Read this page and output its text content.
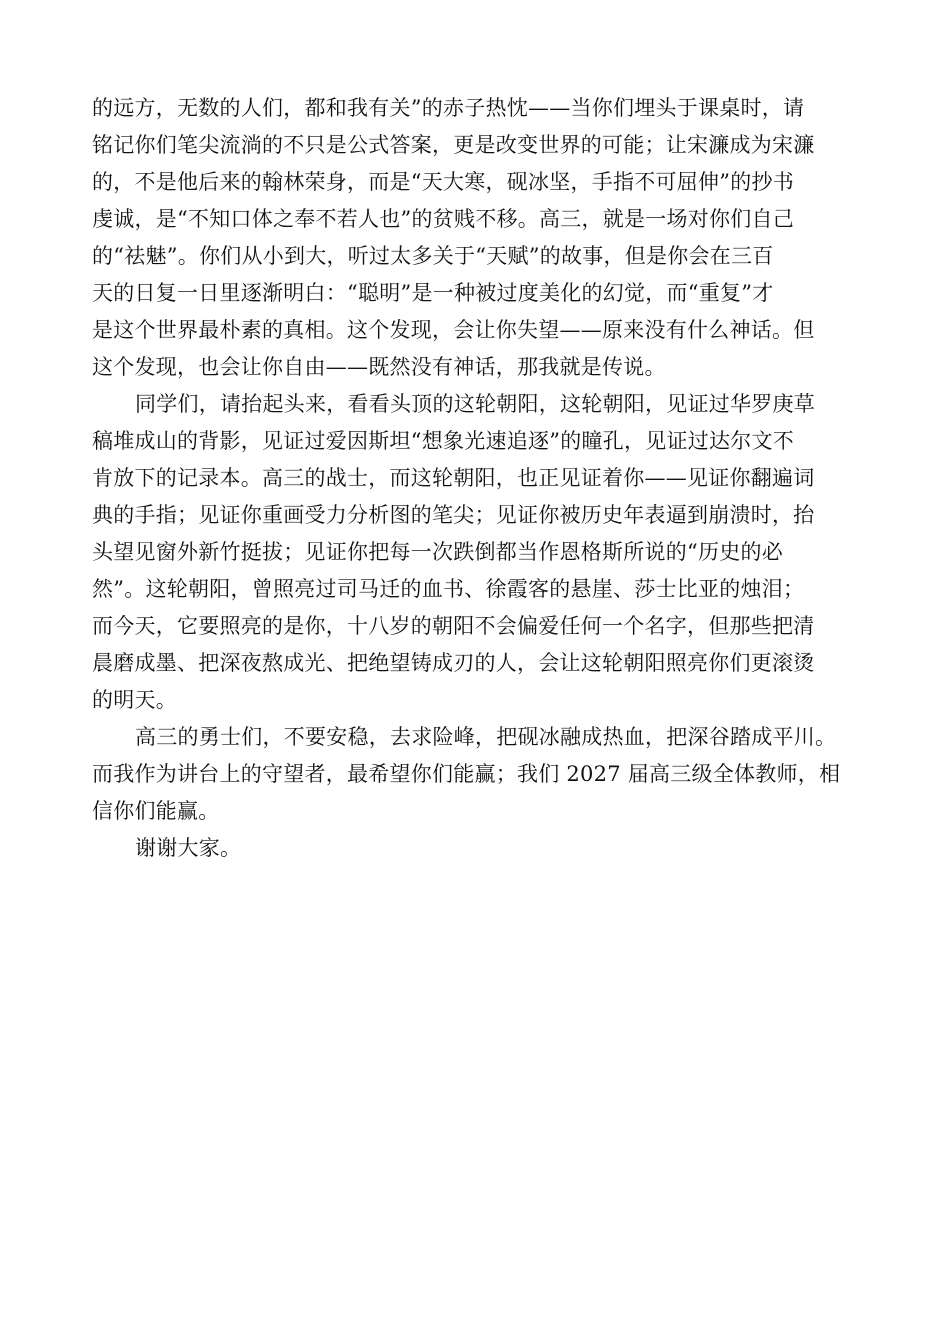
的远方，无数的人们，都和我有关”的赤子热忱——当你们埋头于课桌时，请
铭记你们笔尖流淌的不只是公式答案，更是改变世界的可能；让宋濂成为宋濂
的，不是他后来的翰林荣身，而是“天大寒，砚冰坚，手指不可屈伸”的抄书
虔诚，是“不知口体之奉不若人也”的贫贱不移。高三，就是一场对你们自己
的“祛魅”。你们从小到大，听过太多关于“天赋”的故事，但是你会在三百
天的日复一日里逐渐明白：“聪明”是一种被过度美化的幻觉，而“重复”才
是这个世界最朴素的真相。这个发现，会让你失望——原来没有什么神话。但
这个发现，也会让你自由——既然没有神话，那我就是传说。
同学们，请抬起头来，看看头顶的这轮朝阳，这轮朝阳，见证过华罗庚草
稿堆成山的背影，见证过爱因斯坦“想象光速追逐”的瞳孔，见证过达尔文不
肯放下的记录本。高三的战士，而这轮朝阳，也正见证着你——见证你翻遍词
典的手指；见证你重画受力分析图的笔尖；见证你被历史年表逼到崩溃时，抬
头望见窗外新竹挺拔；见证你把每一次跌倒都当作恩格斯所说的“历史的必
然”。这轮朝阳，曾照亮过司马迁的血书、徐霞客的悬崖、莎士比亚的烛泪；
而今天，它要照亮的是你，十八岁的朝阳不会偏爱任何一个名字，但那些把清
晨磨成墨、把深夜熬成光、把绝望铸成刃的人，会让这轮朝阳照亮你们更滚烫
的明天。
高三的勇士们，不要安稳，去求险峰，把砚冰融成热血，把深谷踏成平川。
而我作为讲台上的守望者，最希望你们能赢；我们 2027 届高三级全体教师，相
信你们能赢。
谢谢大家。
